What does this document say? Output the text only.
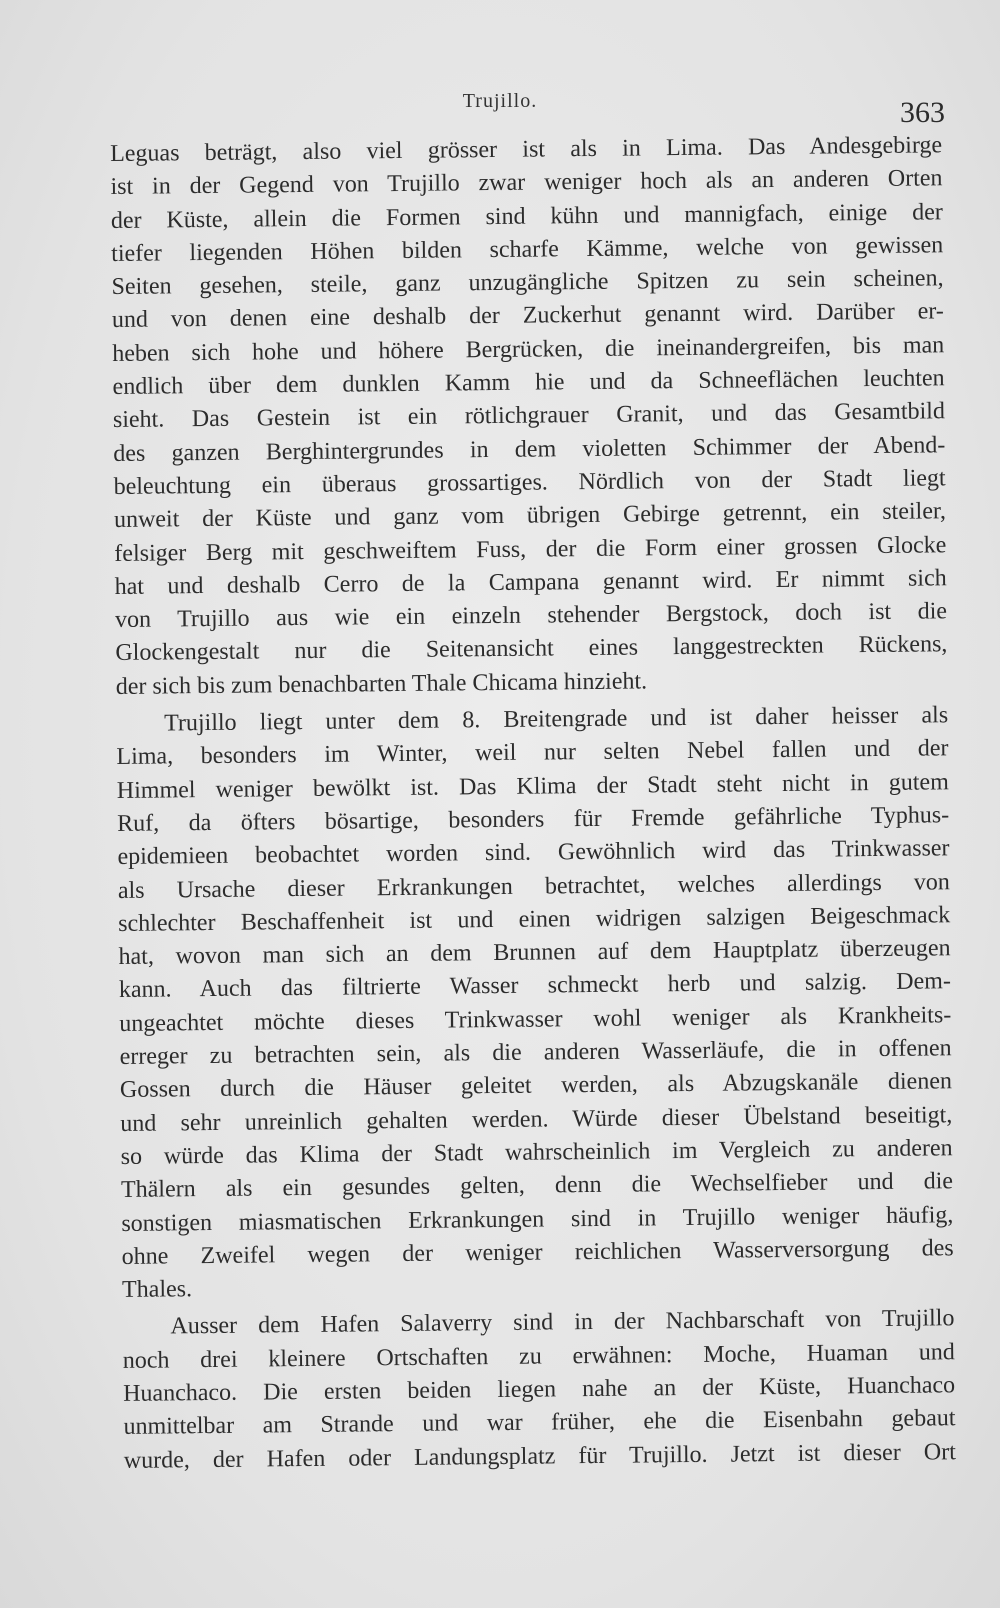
Trujillo.	363
Leguas beträgt, also viel grösser ist als in Lima. Das Andesgebirge
ist in der Gegend von Trujillo zwar weniger hoch als an anderen Orten
der Küste, allein die Formen sind kühn und mannigfach, einige der
tiefer liegenden Höhen bilden scharfe Kämme, welche von gewissen
Seiten gesehen, steile, ganz unzugängliche Spitzen zu sein scheinen,
und von denen eine deshalb der Zuckerhut genannt wird. Darüber er-
heben sich hohe und höhere Bergrücken, die ineinandergreifen, bis man
endlich über dem dunklen Kamm hie und da Schneeflächen leuchten
sieht. Das Gestein ist ein rötlichgrauer Granit, und das Gesamtbild
des ganzen Berghintergrundes in dem violetten Schimmer der Abend-
beleuchtung ein überaus grossartiges. Nördlich von der Stadt liegt
unweit der Küste und ganz vom übrigen Gebirge getrennt, ein steiler,
felsiger Berg mit geschweiftem Fuss, der die Form einer grossen Glocke
hat und deshalb Cerro de la Campana genannt wird. Er nimmt sich
von Trujillo aus wie ein einzeln stehender Bergstock, doch ist die
Glockengestalt nur die Seitenansicht eines langgestreckten Rückens,
der sich bis zum benachbarten Thale Chicama hinzieht.
Trujillo liegt unter dem 8. Breitengrade und ist daher heisser als
Lima, besonders im Winter, weil nur selten Nebel fallen und der
Himmel weniger bewölkt ist. Das Klima der Stadt steht nicht in gutem
Ruf, da öfters bösartige, besonders für Fremde gefährliche Typhus-
epidemieen beobachtet worden sind. Gewöhnlich wird das Trinkwasser
als Ursache dieser Erkrankungen betrachtet, welches allerdings von
schlechter Beschaffenheit ist und einen widrigen salzigen Beigeschmack
hat, wovon man sich an dem Brunnen auf dem Hauptplatz überzeugen
kann. Auch das filtrierte Wasser schmeckt herb und salzig. Dem-
ungeachtet möchte dieses Trinkwasser wohl weniger als Krankheits-
erreger zu betrachten sein, als die anderen Wasserläufe, die in offenen
Gossen durch die Häuser geleitet werden, als Abzugskanäle dienen
und sehr unreinlich gehalten werden. Würde dieser Übelstand beseitigt,
so würde das Klima der Stadt wahrscheinlich im Vergleich zu anderen
Thälern als ein gesundes gelten, denn die Wechselfieber und die
sonstigen miasmatischen Erkrankungen sind in Trujillo weniger häufig,
ohne Zweifel wegen der weniger reichlichen Wasserversorgung des
Thales.
Ausser dem Hafen Salaverry sind in der Nachbarschaft von Trujillo
noch drei kleinere Ortschaften zu erwähnen: Moche, Huaman und
Huanchaco. Die ersten beiden liegen nahe an der Küste, Huanchaco
unmittelbar am Strande und war früher, ehe die Eisenbahn gebaut
wurde, der Hafen oder Landungsplatz für Trujillo. Jetzt ist dieser Ort
